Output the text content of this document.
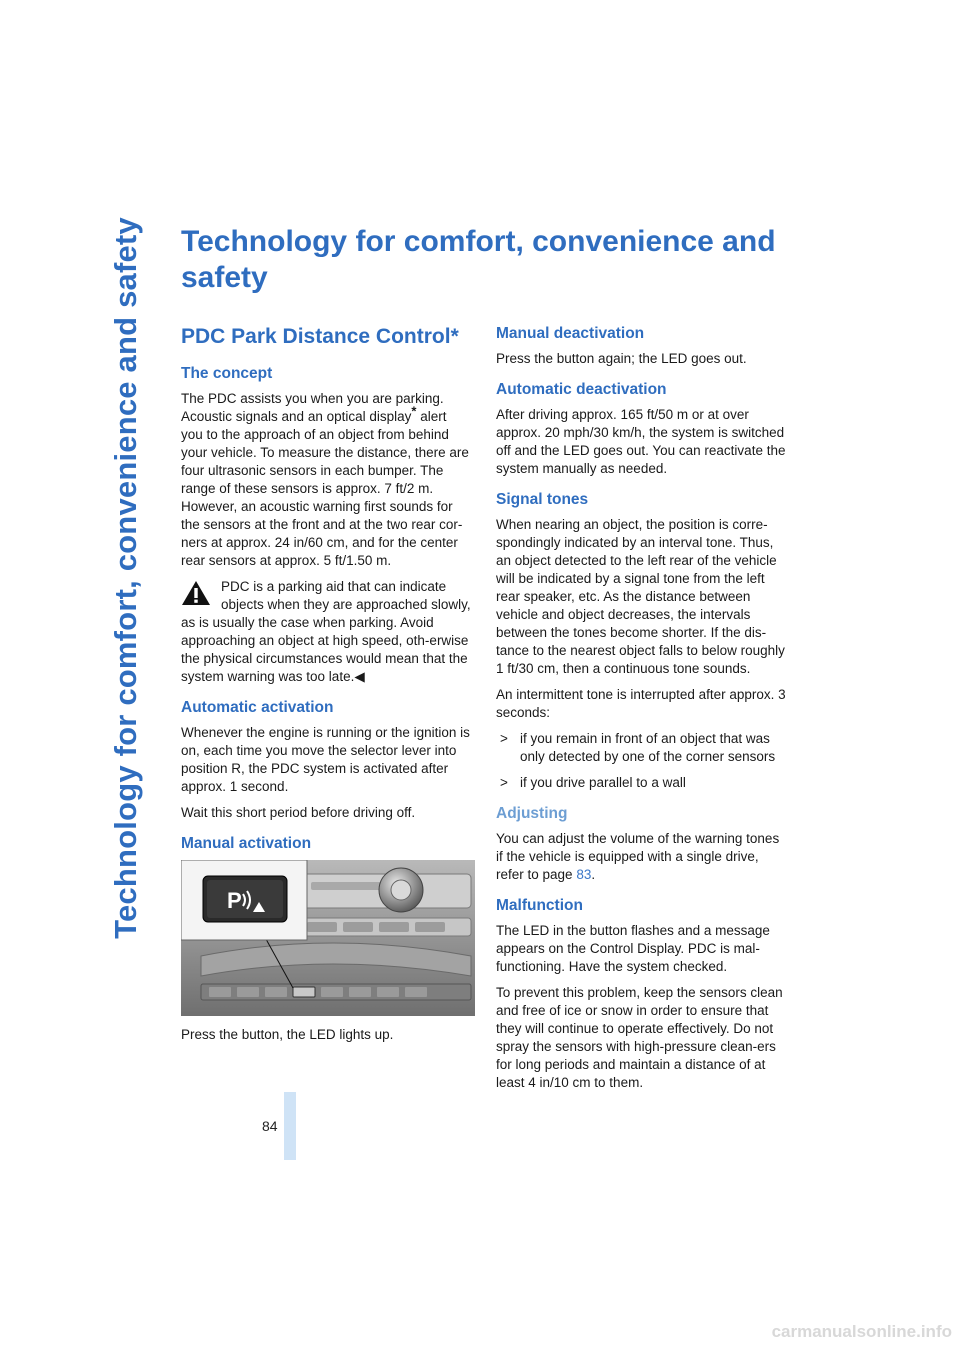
Technology for comfort, convenience and safety
84
Technology for comfort, convenience and safety
PDC Park Distance Control*
The concept

The PDC assists you when you are parking. Acoustic signals and an optical display* alert you to the approach of an object from behind your vehicle. To measure the distance, there are four ultrasonic sensors in each bumper. The range of these sensors is approx. 7 ft/2 m. However, an acoustic warning first sounds for the sensors at the front and at the two rear cor-ners at approx. 24 in/60 cm, and for the center rear sensors at approx. 5 ft/1.50 m.

PDC is a parking aid that can indicate objects when they are approached slowly, as is usually the case when parking. Avoid approaching an object at high speed, oth-erwise the physical circumstances would mean that the system warning was too late.◀
Automatic activation

Whenever the engine is running or the ignition is on, each time you move the selector lever into position R, the PDC system is activated after approx. 1 second.

Wait this short period before driving off.

Manual activation
P

Press the button, the LED lights up.

Manual deactivation

Press the button again; the LED goes out.

Automatic deactivation

After driving approx. 165 ft/50 m or at over approx. 20 mph/30 km/h, the system is switched off and the LED goes out. You can reactivate the system manually as needed.

Signal tones

When nearing an object, the position is corre-spondingly indicated by an interval tone. Thus, an object detected to the left rear of the vehicle will be indicated by a signal tone from the left rear speaker, etc. As the distance between vehicle and object decreases, the intervals between the tones become shorter. If the dis-tance to the nearest object falls to below roughly 1 ft/30 cm, then a continuous tone sounds.

An intermittent tone is interrupted after approx. 3 seconds:

> if you remain in front of an object that was only detected by one of the corner sensors
> if you drive parallel to a wall
Adjusting

You can adjust the volume of the warning tones if the vehicle is equipped with a single drive, refer to page 83.

Malfunction

The LED in the button flashes and a message appears on the Control Display. PDC is mal-functioning. Have the system checked.

To prevent this problem, keep the sensors clean and free of ice or snow in order to ensure that they will continue to operate effectively. Do not spray the sensors with high-pressure clean-ers for long periods and maintain a distance of at least 4 in/10 cm to them.

carmanualsonline.info
